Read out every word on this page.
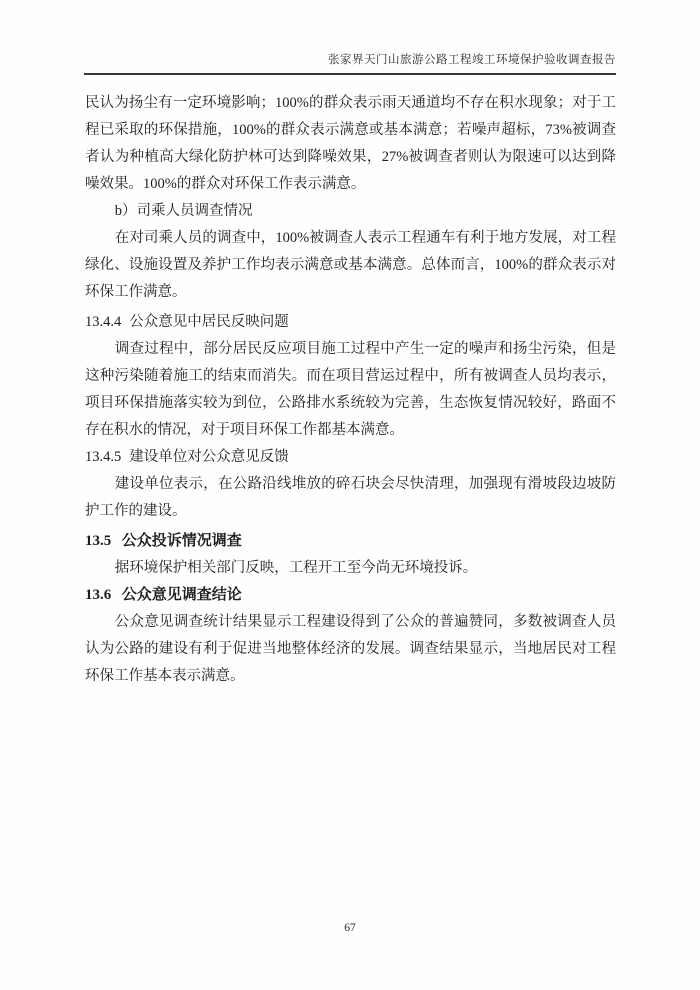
张家界天门山旅游公路工程竣工环境保护验收调查报告

民认为扬尘有一定环境影响；100%的群众表示雨天通道均不存在积水现象；对于工程已采取的环保措施，100%的群众表示满意或基本满意；若噪声超标，73%被调查者认为种植高大绿化防护林可达到降噪效果，27%被调查者则认为限速可以达到降噪效果。100%的群众对环保工作表示满意。

b）司乘人员调查情况

在对司乘人员的调查中，100%被调查人表示工程通车有利于地方发展，对工程绿化、设施设置及养护工作均表示满意或基本满意。总体而言，100%的群众表示对环保工作满意。

13.4.4 公众意见中居民反映问题

调查过程中，部分居民反应项目施工过程中产生一定的噪声和扬尘污染，但是这种污染随着施工的结束而消失。而在项目营运过程中，所有被调查人员均表示，项目环保措施落实较为到位，公路排水系统较为完善，生态恢复情况较好，路面不存在积水的情况，对于项目环保工作都基本满意。

13.4.5 建设单位对公众意见反馈

建设单位表示，在公路沿线堆放的碎石块会尽快清理，加强现有滑坡段边坡防护工作的建设。

13.5 公众投诉情况调查

据环境保护相关部门反映，工程开工至今尚无环境投诉。

13.6 公众意见调查结论

公众意见调查统计结果显示工程建设得到了公众的普遍赞同，多数被调查人员认为公路的建设有利于促进当地整体经济的发展。调查结果显示，当地居民对工程环保工作基本表示满意。

67
